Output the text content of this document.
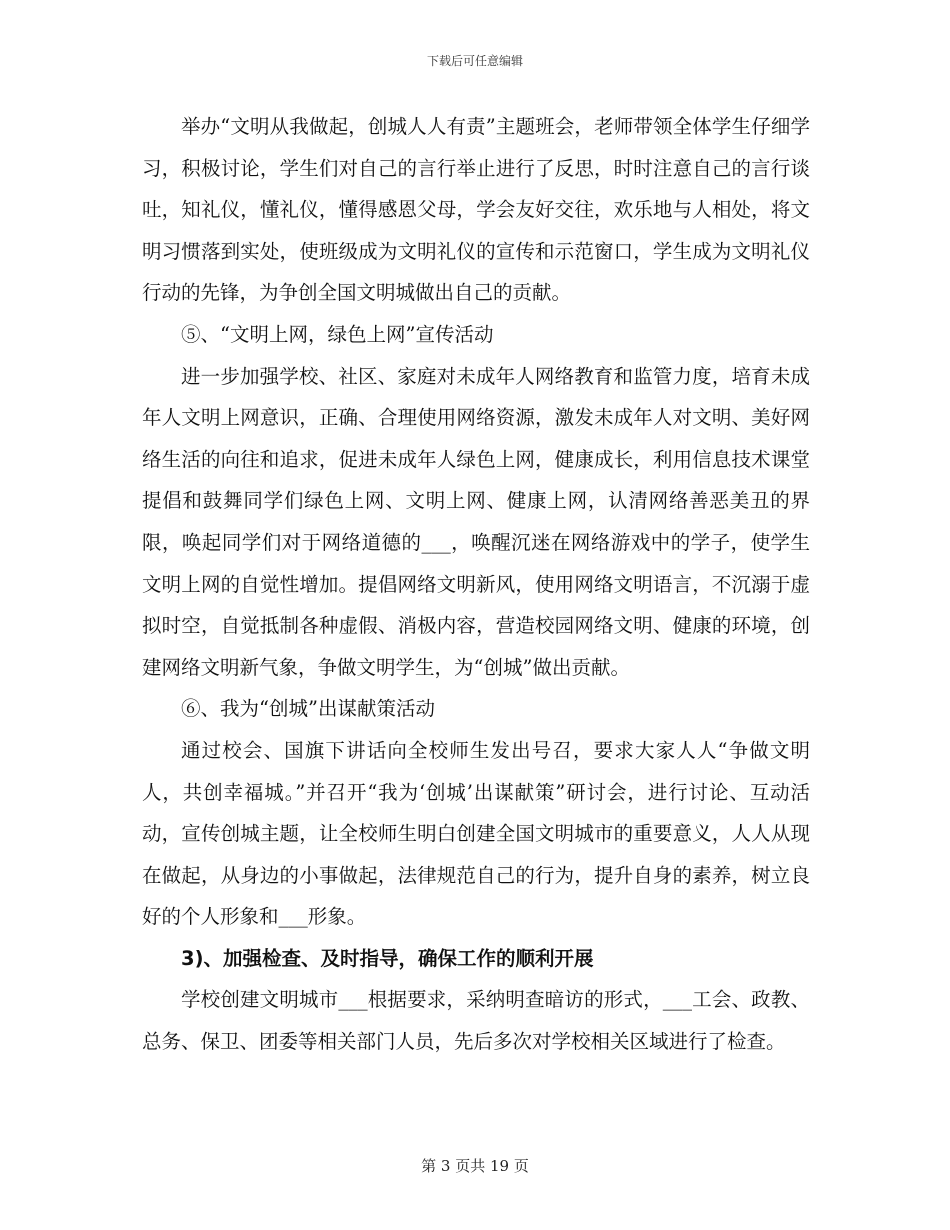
下载后可任意编辑

举办“文明从我做起，创城人人有责”主题班会，老师带领全体学生仔细学习，积极讨论，学生们对自己的言行举止进行了反思，时时注意自己的言行谈吐，知礼仪，懂礼仪，懂得感恩父母，学会友好交往，欢乐地与人相处，将文明习惯落到实处，使班级成为文明礼仪的宣传和示范窗口，学生成为文明礼仪行动的先锋，为争创全国文明城做出自己的贡献。

⑤、“文明上网，绿色上网”宣传活动

进一步加强学校、社区、家庭对未成年人网络教育和监管力度，培育未成年人文明上网意识，正确、合理使用网络资源，激发未成年人对文明、美好网络生活的向往和追求，促进未成年人绿色上网，健康成长，利用信息技术课堂提倡和鼓舞同学们绿色上网、文明上网、健康上网，认清网络善恶美丑的界限，唤起同学们对于网络道德的___，唤醒沉迷在网络游戏中的学子，使学生文明上网的自觉性增加。提倡网络文明新风，使用网络文明语言，不沉溺于虚拟时空，自觉抵制各种虚假、消极内容，营造校园网络文明、健康的环境，创建网络文明新气象，争做文明学生，为“创城”做出贡献。

⑥、我为“创城”出谋献策活动

通过校会、国旗下讲话向全校师生发出号召，要求大家人人“争做文明人，共创幸福城。”并召开“我为‘创城’出谋献策”研讨会，进行讨论、互动活动，宣传创城主题，让全校师生明白创建全国文明城市的重要意义，人人从现在做起，从身边的小事做起，法律规范自己的行为，提升自身的素养，树立良好的个人形象和___形象。

3)、加强检查、及时指导，确保工作的顺利开展

学校创建文明城市___根据要求，采纳明查暗访的形式，___工会、政教、总务、保卫、团委等相关部门人员，先后多次对学校相关区域进行了检查。

第 3 页共 19 页
